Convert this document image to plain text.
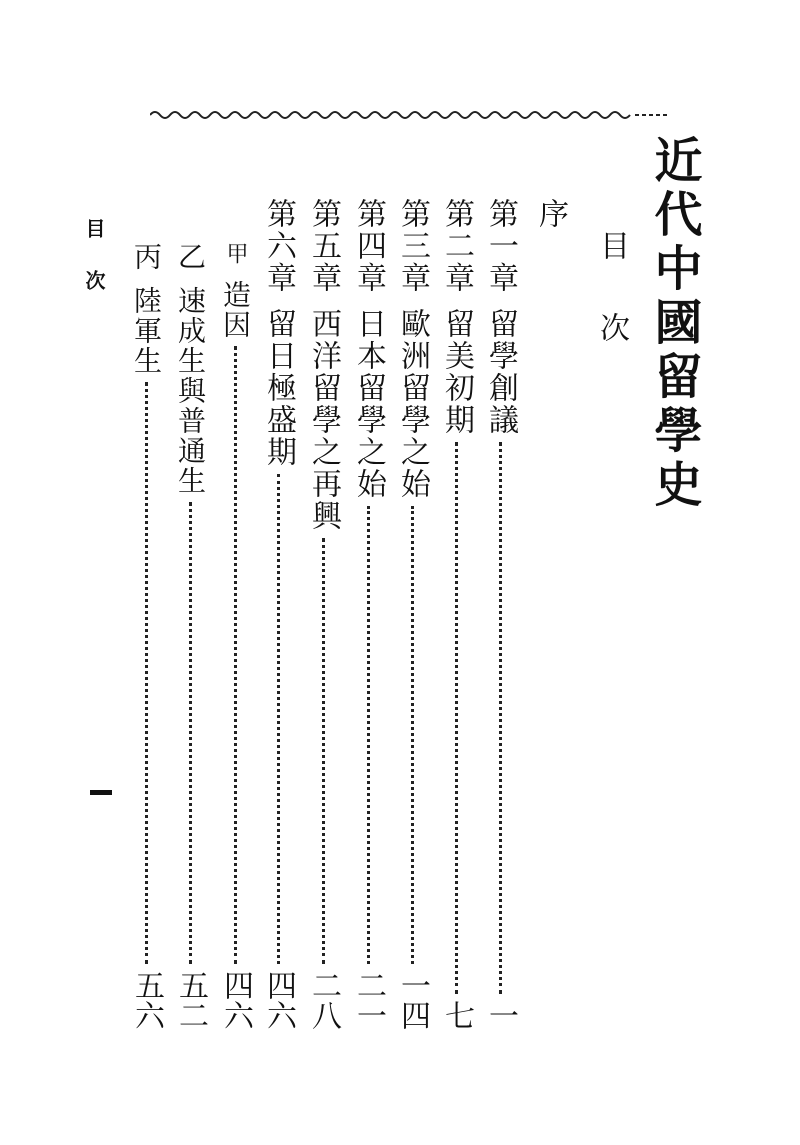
近代中國留學史
目次
序
第一章留學創議
一
第二章留美初期
七
第三章歐洲留學之始
一四
第四章日本留學之始
二一
第五章西洋留學之再興
二八
第六章留日極盛期
四六
甲造因
四六
乙速成生與普通生
五二
丙陸軍生
五六
目次
